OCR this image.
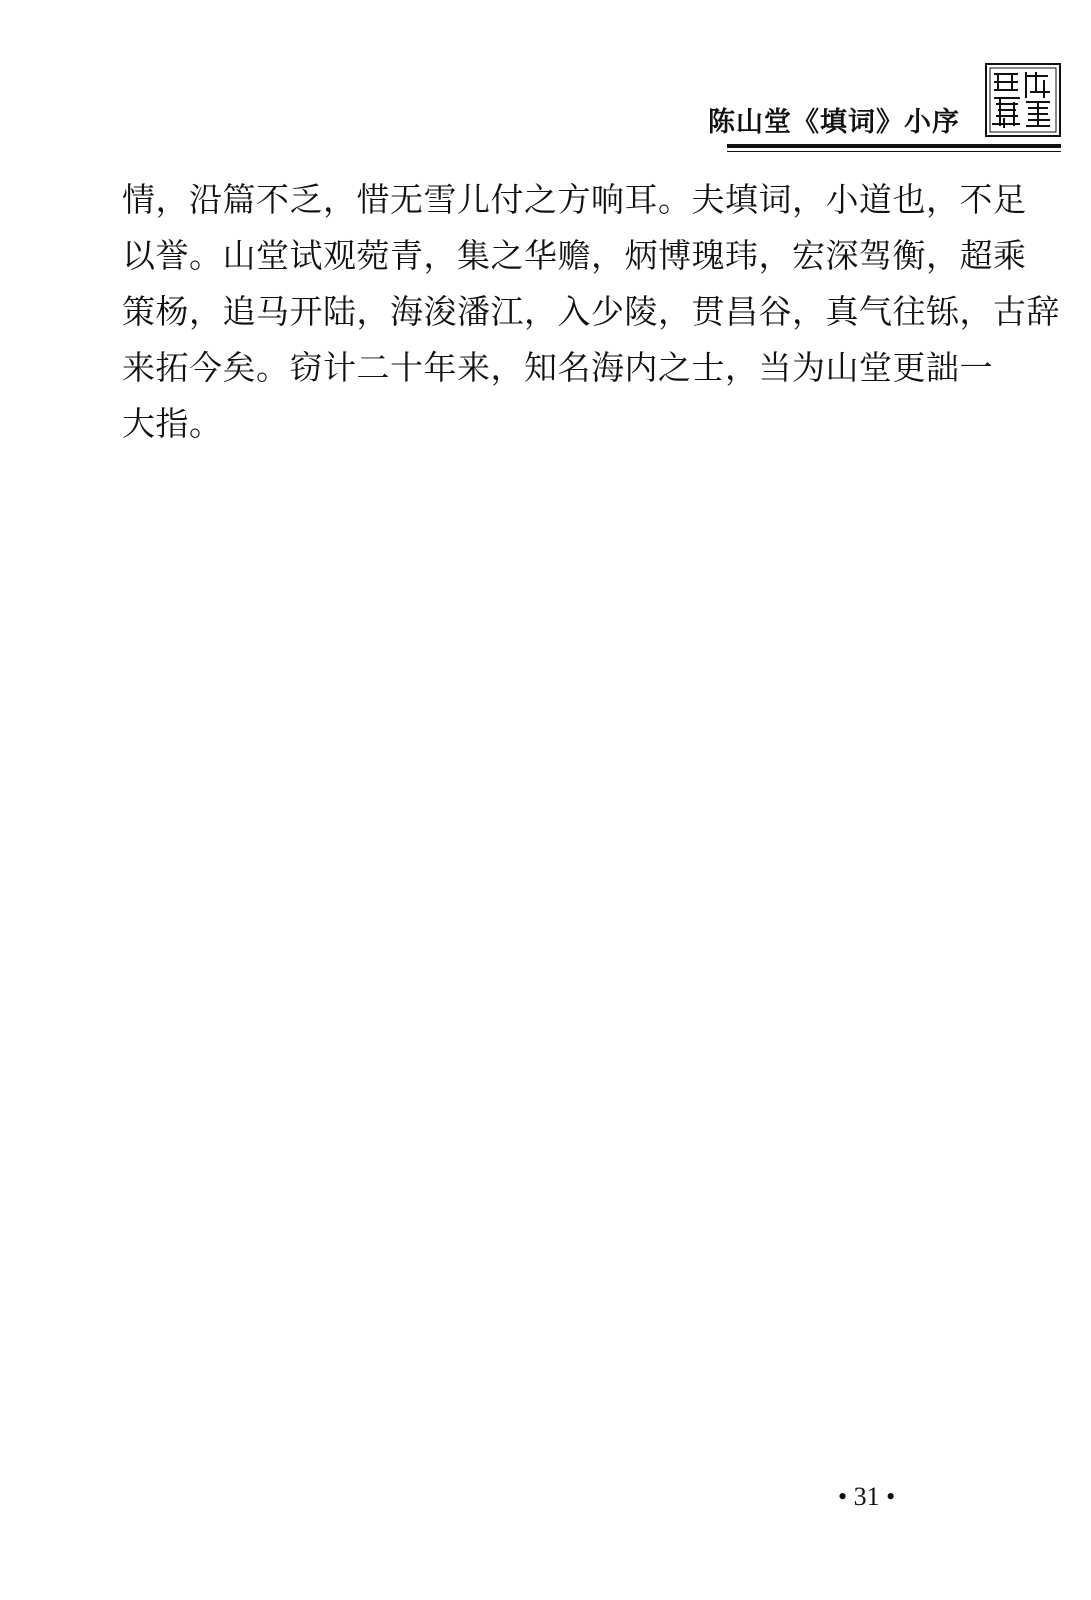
陈山堂《填词》小序
情，沿篇不乏，惜无雪儿付之方响耳。夫填词，小道也，不足
以誉。山堂试观菀青，集之华赡，炳博瑰玮，宏深驾衡，超乘
策杨，追马开陆，海浚潘江，入少陵，贯昌谷，真气往铄，古辞
来拓今矣。窃计二十年来，知名海内之士，当为山堂更詘一
大指。
• 31 •
